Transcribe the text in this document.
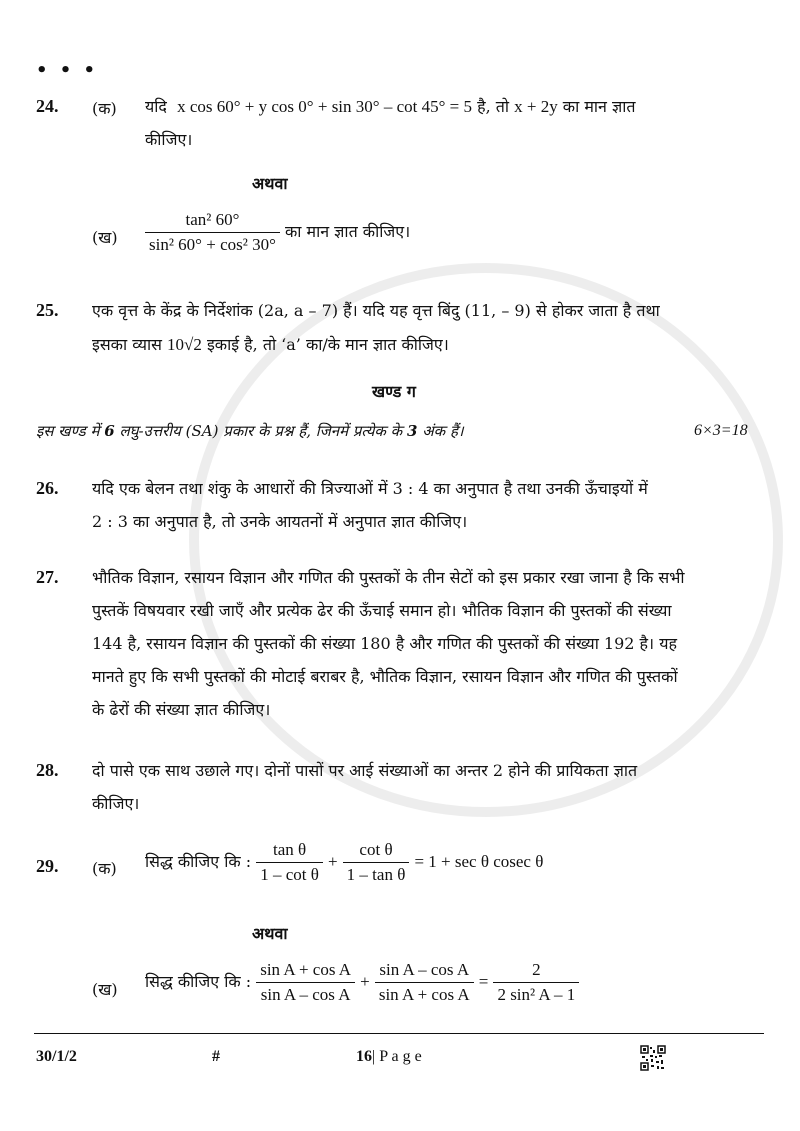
• • •
24. (क) यदि x cos 60° + y cos 0° + sin 30° – cot 45° = 5 है, तो x + 2y का मान ज्ञात
कीजिए।
अथवा
(ख) $\frac{\text{tan² 60°}}{\text{sin² 60° + cos² 30°}}$ का मान ज्ञात कीजिए।
25. एक वृत्त के केंद्र के निर्देशांक (2a, a – 7) हैं। यदि यह वृत्त बिंदु (11, – 9) से होकर जाता है तथा
इसका व्यास 10√2 इकाई है, तो ‘a’ का/के मान ज्ञात कीजिए।
खण्ड ग
इस खण्ड में 6 लघु-उत्तरीय (SA) प्रकार के प्रश्न हैं, जिनमें प्रत्येक के 3 अंक हैं।	6×3=18
26. यदि एक बेलन तथा शंकु के आधारों की त्रिज्याओं में 3 : 4 का अनुपात है तथा उनकी ऊँचाइयों में
2 : 3 का अनुपात है, तो उनके आयतनों में अनुपात ज्ञात कीजिए।
27. भौतिक विज्ञान, रसायन विज्ञान और गणित की पुस्तकों के तीन सेटों को इस प्रकार रखा जाना है कि सभी
पुस्तकें विषयवार रखी जाएँ और प्रत्येक ढेर की ऊँचाई समान हो। भौतिक विज्ञान की पुस्तकों की संख्या
144 है, रसायन विज्ञान की पुस्तकों की संख्या 180 है और गणित की पुस्तकों की संख्या 192 है। यह
मानते हुए कि सभी पुस्तकों की मोटाई बराबर है, भौतिक विज्ञान, रसायन विज्ञान और गणित की पुस्तकों
के ढेरों की संख्या ज्ञात कीजिए।
28. दो पासे एक साथ उछाले गए। दोनों पासों पर आई संख्याओं का अन्तर 2 होने की प्रायिकता ज्ञात
कीजिए।
29. (क) सिद्ध कीजिए कि : $\frac{\text{tan θ}}{\text{1 – cot θ}} + \frac{\text{cot θ}}{\text{1 – tan θ}} = 1 + \sec \theta$ cosec θ
अथवा
(ख) सिद्ध कीजिए कि : $\frac{\text{sin A + cos A}}{\text{sin A – cos A}} + \frac{\text{sin A – cos A}}{\text{sin A + cos A}} = \frac{2}{\text{2 sin² A – 1}}$
30/1/2	#	16| P a g e
